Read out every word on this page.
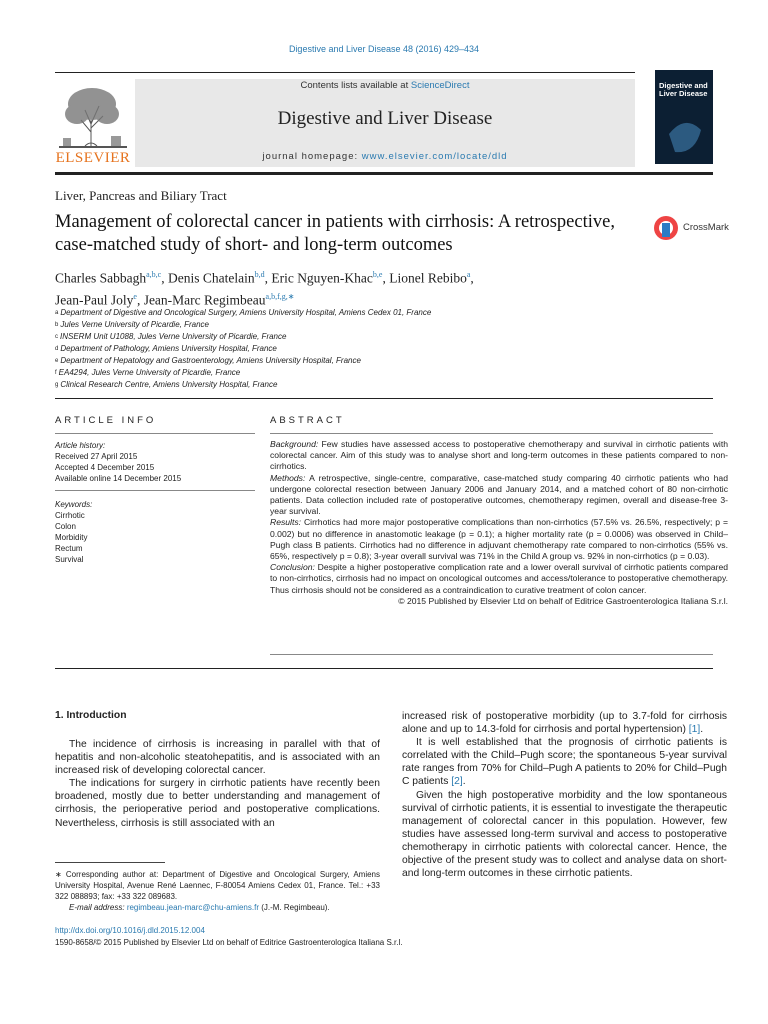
Digestive and Liver Disease 48 (2016) 429–434
Contents lists available at ScienceDirect
Digestive and Liver Disease
journal homepage: www.elsevier.com/locate/dld
ELSEVIER
Digestive and Liver Disease
Liver, Pancreas and Biliary Tract
Management of colorectal cancer in patients with cirrhosis: A retrospective, case-matched study of short- and long-term outcomes
CrossMark
Charles Sabbagh$^{a,b,c}$, Denis Chatelain$^{b,d}$, Eric Nguyen-Khac$^{b,e}$, Lionel Rebibo$^a$,
Jean-Paul Joly$^e$, Jean-Marc Regimbeau$^{a,b,f,g,∗}$
$^a$ Department of Digestive and Oncological Surgery, Amiens University Hospital, Amiens Cedex 01, France
$^b$ Jules Verne University of Picardie, France
$^c$ INSERM Unit U1088, Jules Verne University of Picardie, France
$^d$ Department of Pathology, Amiens University Hospital, France
$^e$ Department of Hepatology and Gastroenterology, Amiens University Hospital, France
$^f$ EA4294, Jules Verne University of Picardie, France
$^g$ Clinical Research Centre, Amiens University Hospital, France
ARTICLE INFO	ABSTRACT
Article history:
Received 27 April 2015
Accepted 4 December 2015
Available online 14 December 2015
Keywords:
Cirrhotic
Colon
Morbidity
Rectum
Survival

Background: Few studies have assessed access to postoperative chemotherapy and survival in cirrhotic patients with colorectal cancer. Aim of this study was to analyse short and long-term outcomes in these patients compared to non-cirrhotics.

Methods: A retrospective, single-centre, comparative, case-matched study comparing 40 cirrhotic patients who had undergone colorectal resection between January 2006 and January 2014, and a matched cohort of 80 non-cirrhotic patients. Data collection included rate of postoperative outcomes, chemotherapy regimen, overall and disease-free 3-year survival.

Results: Cirrhotics had more major postoperative complications than non-cirrhotics (57.5% vs. 26.5%, respectively; p = 0.002) but no difference in anastomotic leakage (p = 0.1); a higher mortality rate (p = 0.0006) was observed in Child–Pugh class B patients. Cirrhotics had no difference in adjuvant chemotherapy rate compared to non-cirrhotics (55% vs. 65%, respectively p = 0.8); 3-year overall survival was 71% in the Child A group vs. 92% in non-cirrhotics (p = 0.03).

Conclusion: Despite a higher postoperative complication rate and a lower overall survival of cirrhotic patients compared to non-cirrhotics, cirrhosis had no impact on oncological outcomes and access/tolerance to postoperative chemotherapy. Thus cirrhosis should not be considered as a contraindication to curative treatment of colon cancer.

© 2015 Published by Elsevier Ltd on behalf of Editrice Gastroenterologica Italiana S.r.l.

1. Introduction

The incidence of cirrhosis is increasing in parallel with that of hepatitis and non-alcoholic steatohepatitis, and is associated with an increased risk of developing colorectal cancer.

The indications for surgery in cirrhotic patients have recently been broadened, mostly due to better understanding and management of cirrhosis, the perioperative period and postoperative complications. Nevertheless, cirrhosis is still associated with an

increased risk of postoperative morbidity (up to 3.7-fold for cirrhosis alone and up to 14.3-fold for cirrhosis and portal hypertension) [1].

It is well established that the prognosis of cirrhotic patients is correlated with the Child–Pugh score; the spontaneous 5-year survival rate ranges from 70% for Child–Pugh A patients to 20% for Child–Pugh C patients [2].

Given the high postoperative morbidity and the low spontaneous survival of cirrhotic patients, it is essential to investigate the therapeutic management of colorectal cancer in this population. However, few studies have assessed long-term survival and access to postoperative chemotherapy in cirrhotic patients with colorectal cancer. Hence, the objective of the present study was to collect and analyse data on short- and long-term outcomes in these cirrhotic patients.

∗ Corresponding author at: Department of Digestive and Oncological Surgery, Amiens University Hospital, Avenue René Laennec, F-80054 Amiens Cedex 01, France. Tel.: +33 322 088893; fax: +33 322 089683.
E-mail address: regimbeau.jean-marc@chu-amiens.fr (J.-M. Regimbeau).
http://dx.doi.org/10.1016/j.dld.2015.12.004
1590-8658/© 2015 Published by Elsevier Ltd on behalf of Editrice Gastroenterologica Italiana S.r.l.
